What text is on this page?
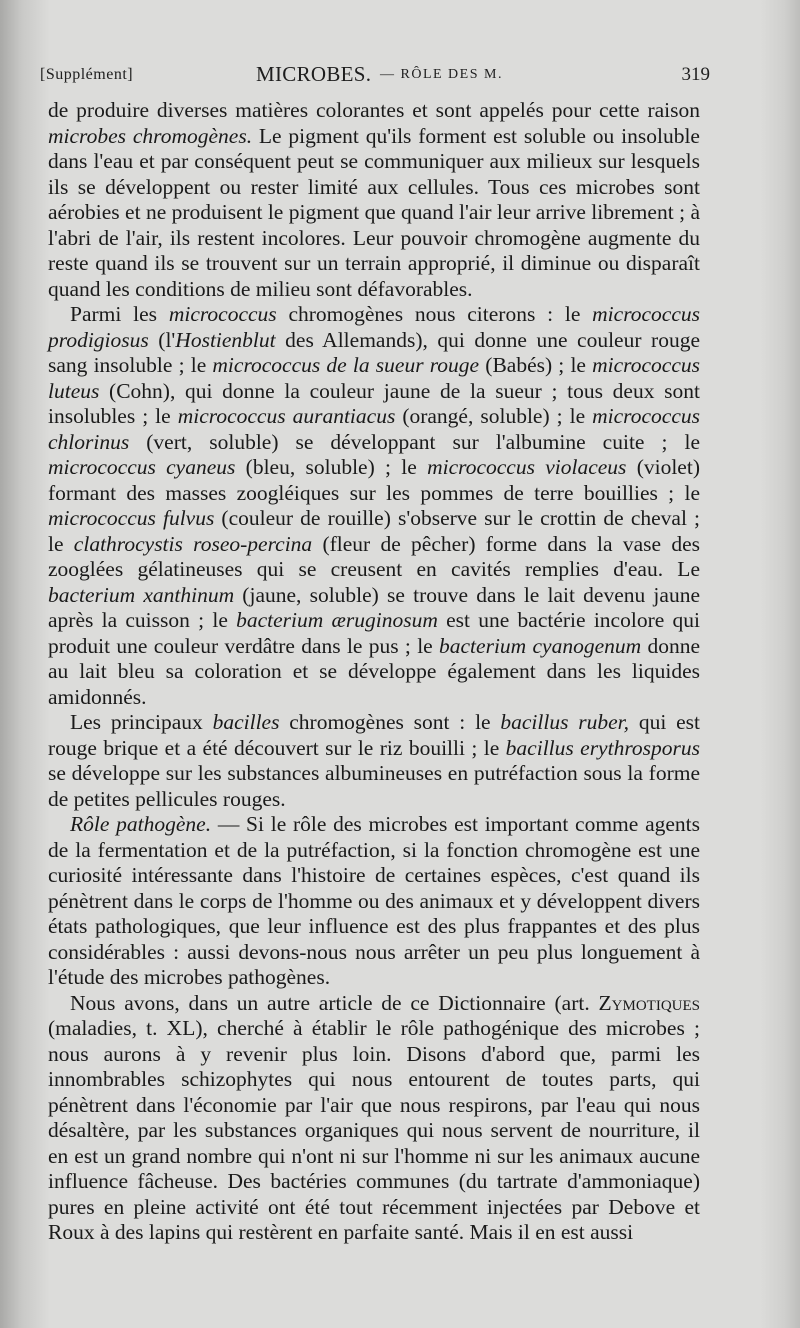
[Supplément]	MICROBES. — RÔLE DES M.	319

de produire diverses matières colorantes et sont appelés pour cette raison microbes chromogènes. Le pigment qu'ils forment est soluble ou insoluble dans l'eau et par conséquent peut se communiquer aux milieux sur lesquels ils se développent ou rester limité aux cellules. Tous ces microbes sont aérobies et ne produisent le pigment que quand l'air leur arrive librement ; à l'abri de l'air, ils restent incolores. Leur pouvoir chromogène augmente du reste quand ils se trouvent sur un terrain approprié, il diminue ou disparaît quand les conditions de milieu sont défavorables.

Parmi les micrococcus chromogènes nous citerons : le micrococcus prodigiosus (l'Hostienblut des Allemands), qui donne une couleur rouge sang insoluble ; le micrococcus de la sueur rouge (Babés) ; le micrococcus luteus (Cohn), qui donne la couleur jaune de la sueur ; tous deux sont insolubles ; le micrococcus aurantiacus (orangé, soluble) ; le micrococcus chlorinus (vert, soluble) se développant sur l'albumine cuite ; le micrococcus cyaneus (bleu, soluble) ; le micrococcus violaceus (violet) formant des masses zoogléiques sur les pommes de terre bouillies ; le micrococcus fulvus (couleur de rouille) s'observe sur le crottin de cheval ; le clathrocystis roseo-percina (fleur de pêcher) forme dans la vase des zooglées gélatineuses qui se creusent en cavités remplies d'eau. Le bacterium xanthinum (jaune, soluble) se trouve dans le lait devenu jaune après la cuisson ; le bacterium æruginosum est une bactérie incolore qui produit une couleur verdâtre dans le pus ; le bacterium cyanogenum donne au lait bleu sa coloration et se développe également dans les liquides amidonnés.

Les principaux bacilles chromogènes sont : le bacillus ruber, qui est rouge brique et a été découvert sur le riz bouilli ; le bacillus erythrosporus se développe sur les substances albumineuses en putréfaction sous la forme de petites pellicules rouges.

Rôle pathogène. — Si le rôle des microbes est important comme agents de la fermentation et de la putréfaction, si la fonction chromogène est une curiosité intéressante dans l'histoire de certaines espèces, c'est quand ils pénètrent dans le corps de l'homme ou des animaux et y développent divers états pathologiques, que leur influence est des plus frappantes et des plus considérables : aussi devons-nous nous arrêter un peu plus longuement à l'étude des microbes pathogènes.

Nous avons, dans un autre article de ce Dictionnaire (art. Zymotiques (maladies, t. XL), cherché à établir le rôle pathogénique des microbes ; nous aurons à y revenir plus loin. Disons d'abord que, parmi les innombrables schizophytes qui nous entourent de toutes parts, qui pénètrent dans l'économie par l'air que nous respirons, par l'eau qui nous désaltère, par les substances organiques qui nous servent de nourriture, il en est un grand nombre qui n'ont ni sur l'homme ni sur les animaux aucune influence fâcheuse. Des bactéries communes (du tartrate d'ammoniaque) pures en pleine activité ont été tout récemment injectées par Debove et Roux à des lapins qui restèrent en parfaite santé. Mais il en est aussi
